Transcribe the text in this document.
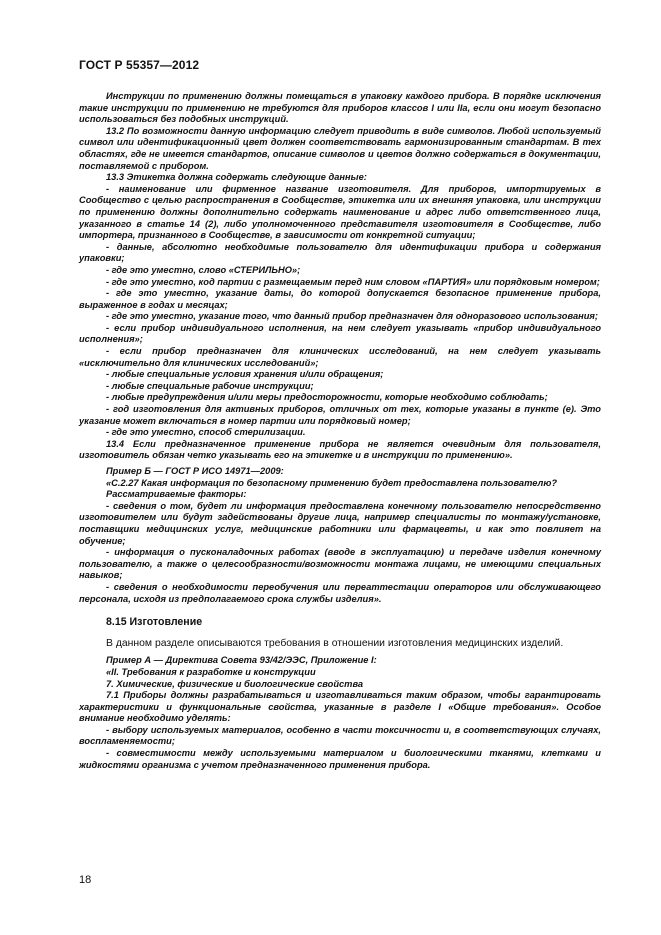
ГОСТ Р 55357—2012

Инструкции по применению должны помещаться в упаковку каждого прибора. В порядке исключения такие инструкции по применению не требуются для приборов классов I или IIa, если они могут безопасно использоваться без подобных инструкций.

13.2 По возможности данную информацию следует приводить в виде символов. Любой используемый символ или идентификационный цвет должен соответствовать гармонизированным стандартам. В тех областях, где не имеется стандартов, описание символов и цветов должно содержаться в документации, поставляемой с прибором.

13.3 Этикетка должна содержать следующие данные:

- наименование или фирменное название изготовителя. Для приборов, импортируемых в Сообщество с целью распространения в Сообществе, этикетка или их внешняя упаковка, или инструкции по применению должны дополнительно содержать наименование и адрес либо ответственного лица, указанного в статье 14 (2), либо уполномоченного представителя изготовителя в Сообществе, либо импортера, признанного в Сообществе, в зависимости от конкретной ситуации;

- данные, абсолютно необходимые пользователю для идентификации прибора и содержания упаковки;

- где это уместно, слово «СТЕРИЛЬНО»;

- где это уместно, код партии с размещаемым перед ним словом «ПАРТИЯ» или порядковым номером;

- где это уместно, указание даты, до которой допускается безопасное применение прибора, выраженное в годах и месяцах;

- где это уместно, указание того, что данный прибор предназначен для одноразового использования;

- если прибор индивидуального исполнения, на нем следует указывать «прибор индивидуального исполнения»;

- если прибор предназначен для клинических исследований, на нем следует указывать «исключительно для клинических исследований»;

- любые специальные условия хранения и/или обращения;

- любые специальные рабочие инструкции;

- любые предупреждения и/или меры предосторожности, которые необходимо соблюдать;

- год изготовления для активных приборов, отличных от тех, которые указаны в пункте (е). Это указание может включаться в номер партии или порядковый номер;

- где это уместно, способ стерилизации.

13.4 Если предназначенное применение прибора не является очевидным для пользователя, изготовитель обязан четко указывать его на этикетке и в инструкции по применению».

Пример Б — ГОСТ Р ИСО 14971—2009:

«С.2.27 Какая информация по безопасному применению будет предоставлена пользователю?

Рассматриваемые факторы:

- сведения о том, будет ли информация предоставлена конечному пользователю непосредственно изготовителем или будут задействованы другие лица, например специалисты по монтажу/установке, поставщики медицинских услуг, медицинские работники или фармацевты, и как это повлияет на обучение;

- информация о пусконаладочных работах (вводе в эксплуатацию) и передаче изделия конечному пользователю, а также о целесообразности/возможности монтажа лицами, не имеющими специальных навыков;

- сведения о необходимости переобучения или переаттестации операторов или обслуживающего персонала, исходя из предполагаемого срока службы изделия».

8.15 Изготовление

В данном разделе описываются требования в отношении изготовления медицинских изделий.

Пример А — Директива Совета 93/42/ЭЭС, Приложение I:

«II. Требования к разработке и конструкции

7. Химические, физические и биологические свойства

7.1 Приборы должны разрабатываться и изготавливаться таким образом, чтобы гарантировать характеристики и функциональные свойства, указанные в разделе I «Общие требования». Особое внимание необходимо уделять:

- выбору используемых материалов, особенно в части токсичности и, в соответствующих случаях, воспламеняемости;

- совместимости между используемыми материалом и биологическими тканями, клетками и жидкостями организма с учетом предназначенного применения прибора.

18
